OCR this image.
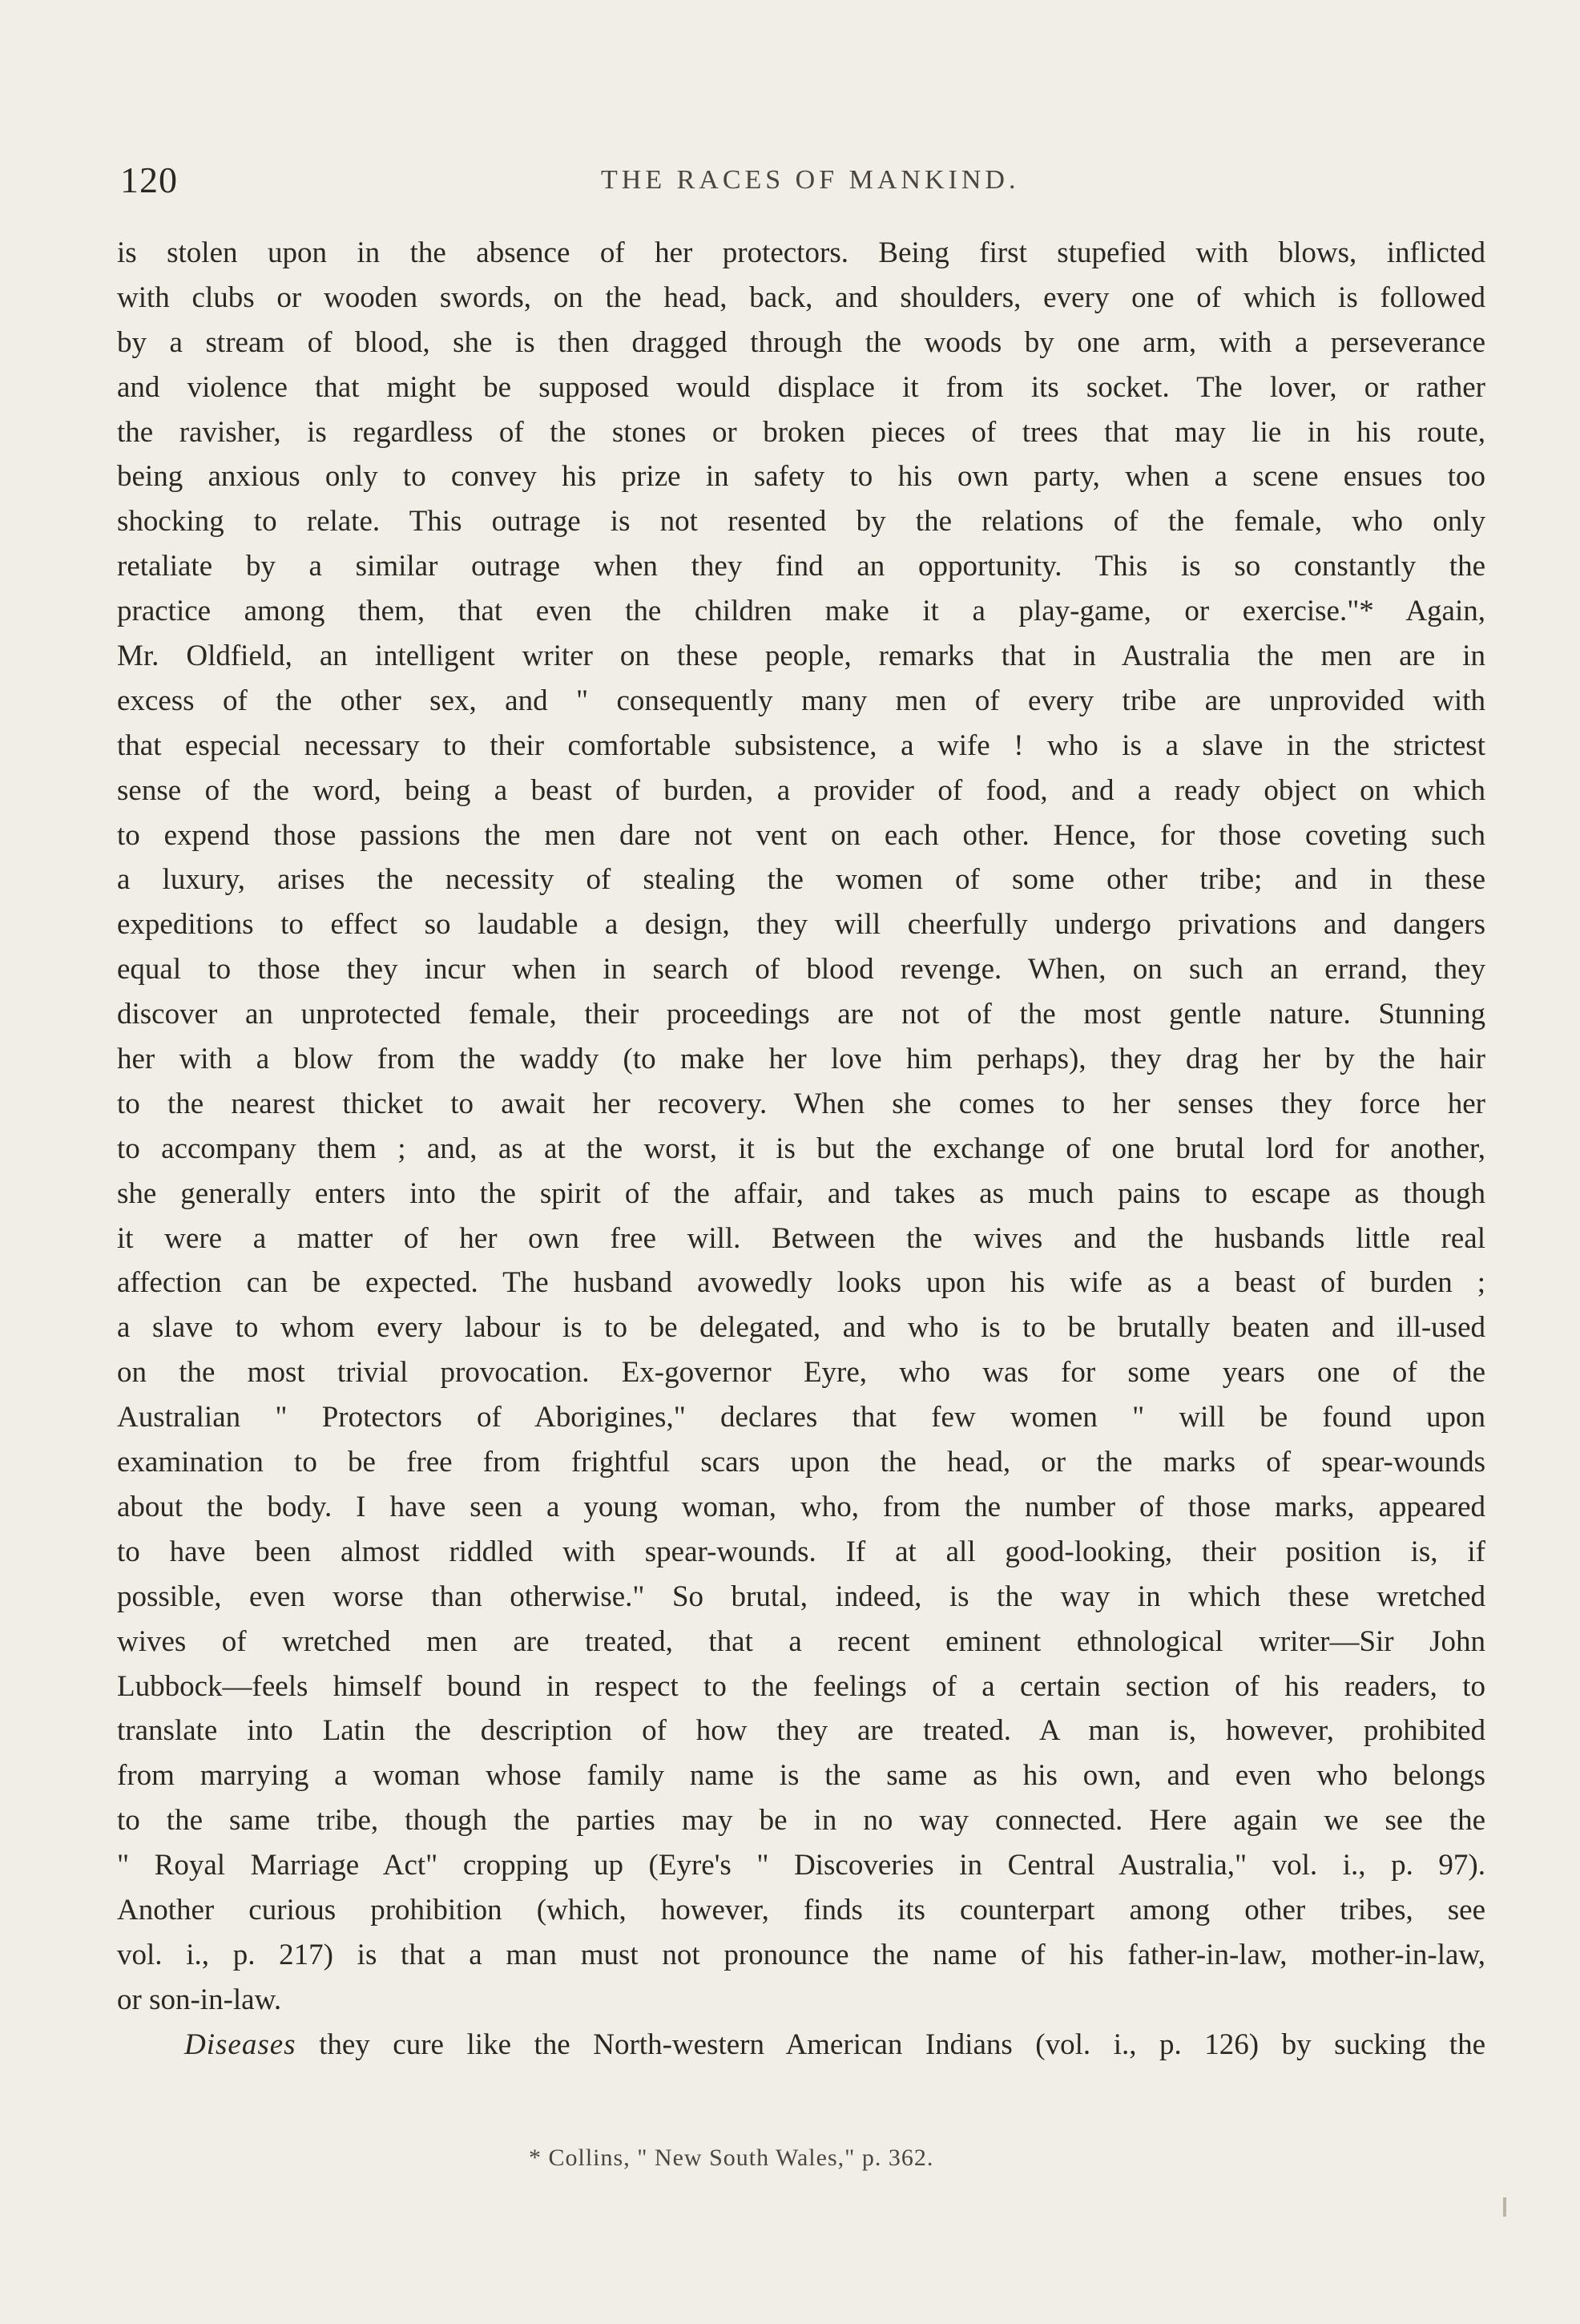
120	THE RACES OF MANKIND.
is stolen upon in the absence of her protectors. Being first stupefied with blows, inflicted
with clubs or wooden swords, on the head, back, and shoulders, every one of which is followed
by a stream of blood, she is then dragged through the woods by one arm, with a perseverance
and violence that might be supposed would displace it from its socket. The lover, or rather
the ravisher, is regardless of the stones or broken pieces of trees that may lie in his route,
being anxious only to convey his prize in safety to his own party, when a scene ensues too
shocking to relate. This outrage is not resented by the relations of the female, who only
retaliate by a similar outrage when they find an opportunity. This is so constantly the
practice among them, that even the children make it a play-game, or exercise."* Again,
Mr. Oldfield, an intelligent writer on these people, remarks that in Australia the men are in
excess of the other sex, and " consequently many men of every tribe are unprovided with
that especial necessary to their comfortable subsistence, a wife ! who is a slave in the strictest
sense of the word, being a beast of burden, a provider of food, and a ready object on which
to expend those passions the men dare not vent on each other. Hence, for those coveting such
a luxury, arises the necessity of stealing the women of some other tribe; and in these
expeditions to effect so laudable a design, they will cheerfully undergo privations and dangers
equal to those they incur when in search of blood revenge. When, on such an errand, they
discover an unprotected female, their proceedings are not of the most gentle nature. Stunning
her with a blow from the waddy (to make her love him perhaps), they drag her by the hair
to the nearest thicket to await her recovery. When she comes to her senses they force her
to accompany them ; and, as at the worst, it is but the exchange of one brutal lord for another,
she generally enters into the spirit of the affair, and takes as much pains to escape as though
it were a matter of her own free will. Between the wives and the husbands little real
affection can be expected. The husband avowedly looks upon his wife as a beast of burden ;
a slave to whom every labour is to be delegated, and who is to be brutally beaten and ill-used
on the most trivial provocation. Ex-governor Eyre, who was for some years one of the
Australian " Protectors of Aborigines," declares that few women " will be found upon
examination to be free from frightful scars upon the head, or the marks of spear-wounds
about the body. I have seen a young woman, who, from the number of those marks, appeared
to have been almost riddled with spear-wounds. If at all good-looking, their position is, if
possible, even worse than otherwise." So brutal, indeed, is the way in which these wretched
wives of wretched men are treated, that a recent eminent ethnological writer—Sir John
Lubbock—feels himself bound in respect to the feelings of a certain section of his readers, to
translate into Latin the description of how they are treated. A man is, however, prohibited
from marrying a woman whose family name is the same as his own, and even who belongs
to the same tribe, though the parties may be in no way connected. Here again we see the
" Royal Marriage Act" cropping up (Eyre's " Discoveries in Central Australia," vol. i., p. 97).
Another curious prohibition (which, however, finds its counterpart among other tribes, see
vol. i., p. 217) is that a man must not pronounce the name of his father-in-law, mother-in-law,
or son-in-law.
Diseases they cure like the North-western American Indians (vol. i., p. 126) by sucking the
* Collins, " New South Wales," p. 362.
